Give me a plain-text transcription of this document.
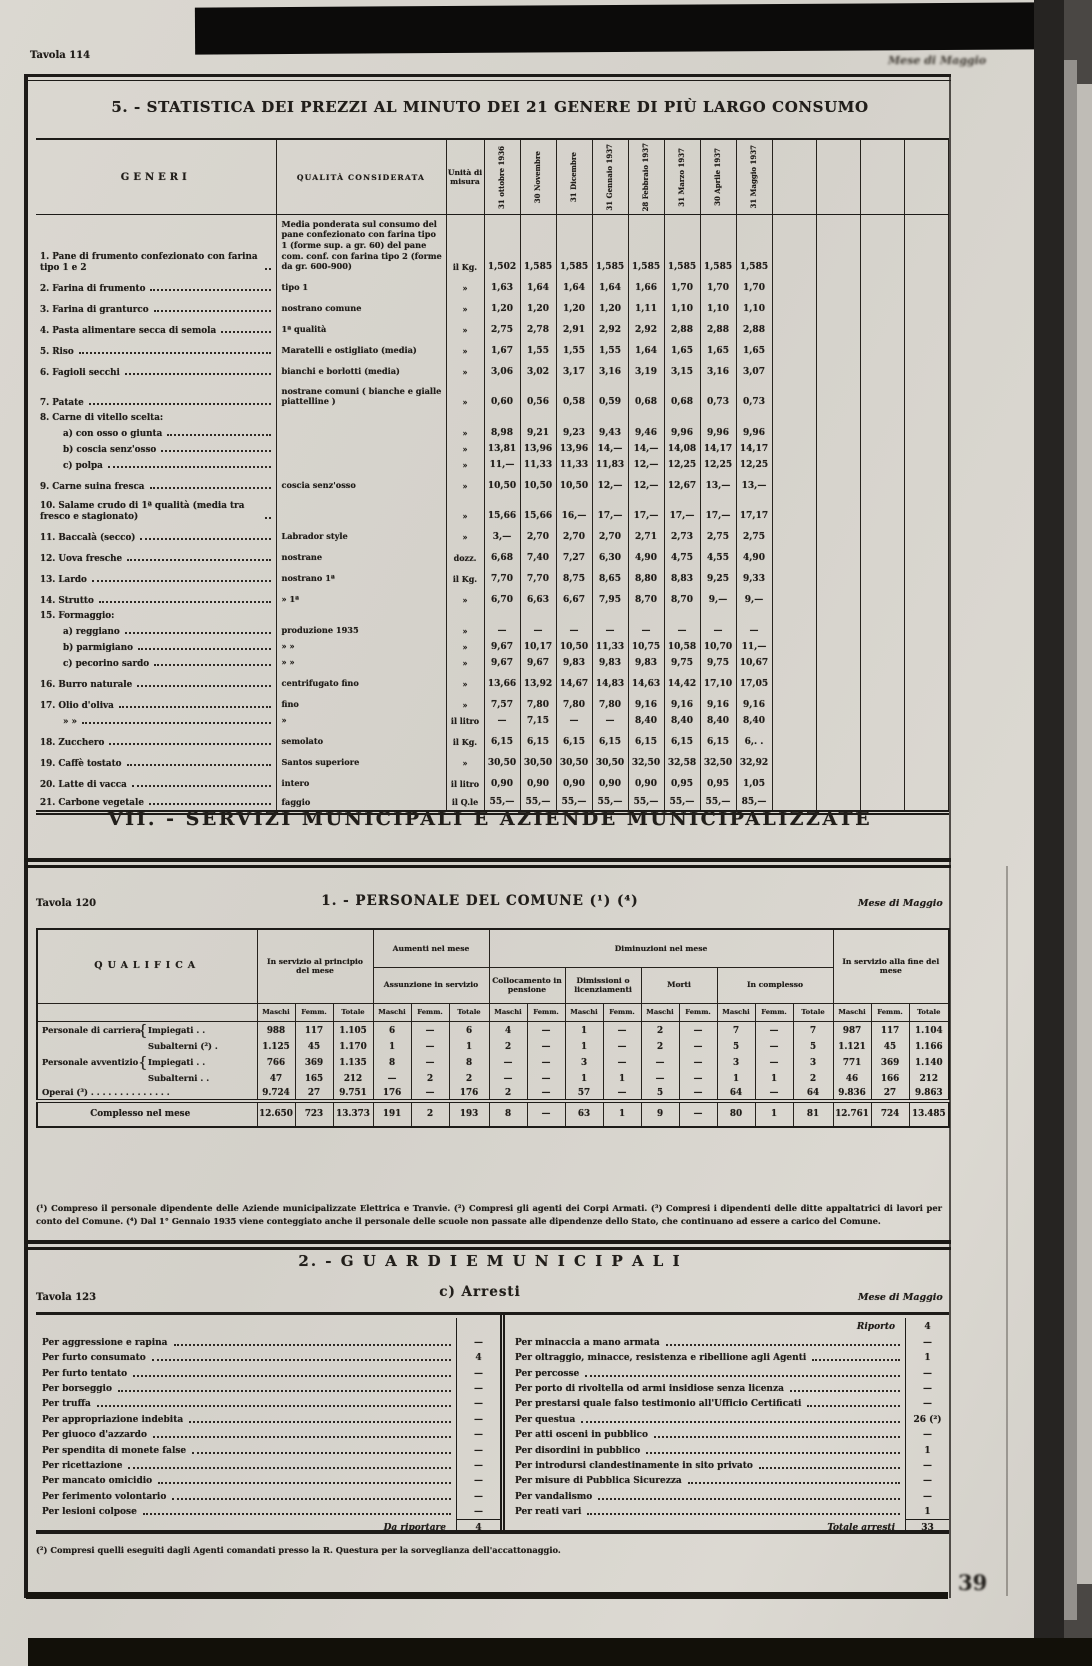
Tavola 114	Mese di Maggio
5. - STATISTICA DEI PREZZI AL MINUTO DEI 21 GENERE DI PIÙ LARGO CONSUMO
GENERI	QUALITÀ CONSIDERATA	Unità di misura	31 ottobre 1936	30 Novembre	31 Dicembre	31 Gennaio 1937	28 Febbraio 1937	31 Marzo 1937	30 Aprile 1937	31 Maggio 1937				

1. Pane di frumento confezionato con farina tipo 1 e 2	Media ponderata sul consumo del pane confezionato con farina tipo 1 (forme sup. a gr. 60) del pane com. conf. con farina tipo 2 (forme da gr. 600-900)	il Kg.	1,502	1,585	1,585	1,585	1,585	1,585	1,585	1,585				

2. Farina di frumento	tipo 1	»	1,63	1,64	1,64	1,64	1,66	1,70	1,70	1,70				

3. Farina di granturco	nostrano comune	»	1,20	1,20	1,20	1,20	1,11	1,10	1,10	1,10				

4. Pasta alimentare secca di semola	1ª qualità	»	2,75	2,78	2,91	2,92	2,92	2,88	2,88	2,88				

5. Riso	Maratelli e ostigliato (media)	»	1,67	1,55	1,55	1,55	1,64	1,65	1,65	1,65				

6. Fagioli secchi	bianchi e borlotti (media)	»	3,06	3,02	3,17	3,16	3,19	3,15	3,16	3,07				

7. Patate	nostrane comuni ( bianche e gialle piattelline )	»	0,60	0,56	0,58	0,59	0,68	0,68	0,73	0,73				

8. Carne di vitello scelta:														

a) con osso o giunta		»	8,98	9,21	9,23	9,43	9,46	9,96	9,96	9,96				

b) coscia senz'osso		»	13,81	13,96	13,96	14,—	14,—	14,08	14,17	14,17				

c) polpa		»	11,—	11,33	11,33	11,83	12,—	12,25	12,25	12,25				

9. Carne suina fresca	coscia senz'osso	»	10,50	10,50	10,50	12,—	12,—	12,67	13,—	13,—				

10. Salame crudo di 1ª qualità (media tra fresco e stagionato)		»	15,66	15,66	16,—	17,—	17,—	17,—	17,—	17,17				

11. Baccalà (secco)	Labrador style	»	3,—	2,70	2,70	2,70	2,71	2,73	2,75	2,75				

12. Uova fresche	nostrane	dozz.	6,68	7,40	7,27	6,30	4,90	4,75	4,55	4,90				

13. Lardo	nostrano 1ª	il Kg.	7,70	7,70	8,75	8,65	8,80	8,83	9,25	9,33				

14. Strutto	» 1ª	»	6,70	6,63	6,67	7,95	8,70	8,70	9,—	9,—				

15. Formaggio:														

a) reggiano	produzione 1935	»	—	—	—	—	—	—	—	—				

b) parmigiano	» »	»	9,67	10,17	10,50	11,33	10,75	10,58	10,70	11,—				

c) pecorino sardo	» »	»	9,67	9,67	9,83	9,83	9,83	9,75	9,75	10,67				

16. Burro naturale	centrifugato fino	»	13,66	13,92	14,67	14,83	14,63	14,42	17,10	17,05				

17. Olio d'oliva	fino	»	7,57	7,80	7,80	7,80	9,16	9,16	9,16	9,16				

» »	»	il litro	—	7,15	—	—	8,40	8,40	8,40	8,40				

18. Zucchero	semolato	il Kg.	6,15	6,15	6,15	6,15	6,15	6,15	6,15	6,. .				

19. Caffè tostato	Santos superiore	»	30,50	30,50	30,50	30,50	32,50	32,58	32,50	32,92				

20. Latte di vacca	intero	il litro	0,90	0,90	0,90	0,90	0,90	0,95	0,95	1,05				

21. Carbone vegetale	faggio	il Q.le	55,—	55,—	55,—	55,—	55,—	55,—	55,—	85,—				
VII. - SERVIZI MUNICIPALI E AZIENDE MUNICIPALIZZATE
Tavola 120	1. - PERSONALE DEL COMUNE (¹) (⁴)	Mese di Maggio
QUALIFICA	In servizio al principio del mese			Aumenti nel mese			Diminuzioni nel mese									In servizio alla fine del mese		
				Assunzione in servizio			Collocamento in pensione		Dimissioni o licenziamenti		Morti		In complesso					
	Maschi	Femm.	Totale	Maschi	Femm.	Totale	Maschi	Femm.	Maschi	Femm.	Maschi	Femm.	Maschi	Femm.	Totale	Maschi	Femm.	Totale

Personale di carriera
{ Impiegati . .	988	117	1.105	6	—	6	4	—	1	—	2	—	7	—	7	987	117	1.104

Subalterni (²) .	1.125	45	1.170	1	—	1	2	—	1	—	2	—	5	—	5	1.121	45	1.166

Personale avventizio { Impiegati . .	766	369	1.135	8	—	8	—	—	3	—	—	—	3	—	3	771	369	1.140

Subalterni . .	47	165	212	—	2	2	—	—	1	1	—	—	1	1	2	46	166	212

Operai (³) . . . . . . . . . . . . . .	9.724	27	9.751	176	—	176	2	—	57	—	5	—	64	—	64	9.836	27	9.863
Complesso nel mese	12.650	723	13.373	191	2	193	8	—	63	1	9	—	80	1	81	12.761	724	13.485
(¹) Compreso il personale dipendente delle Aziende municipalizzate Elettrica e Tranvie. (²) Compresi gli agenti dei Corpi Armati. (³) Compresi i dipendenti delle ditte appaltatrici di lavori per conto del Comune. (⁴) Dal 1° Gennaio 1935 viene conteggiato anche il personale delle scuole non passate alle dipendenze dello Stato, che continuano ad essere a carico del Comune.
2. - G U A R D I E M U N I C I P A L I
Tavola 123	c) Arresti	Mese di Maggio
Per aggressione e rapina	—
Per furto consumato	4
Per furto tentato	—
Per borseggio	—
Per truffa	—
Per appropriazione indebita	—
Per giuoco d'azzardo	—
Per spendita di monete false	—
Per ricettazione	—
Per mancato omicidio	—
Per ferimento volontario	—
Per lesioni colpose	—
Da riportare	4
Riporto	4
Per minaccia a mano armata	—
Per oltraggio, minacce, resistenza e ribellione agli Agenti	1
Per percosse	—
Per porto di rivoltella od armi insidiose senza licenza	—
Per prestarsi quale falso testimonio all'Ufficio Certificati	—
Per questua	26 (²)
Per atti osceni in pubblico	—
Per disordini in pubblico	1
Per introdursi clandestinamente in sito privato	—
Per misure di Pubblica Sicurezza	—
Per vandalismo	—
Per reati vari	1
Totale arresti	33
(²) Compresi quelli eseguiti dagli Agenti comandati presso la R. Questura per la sorveglianza dell'accattonaggio.
39
